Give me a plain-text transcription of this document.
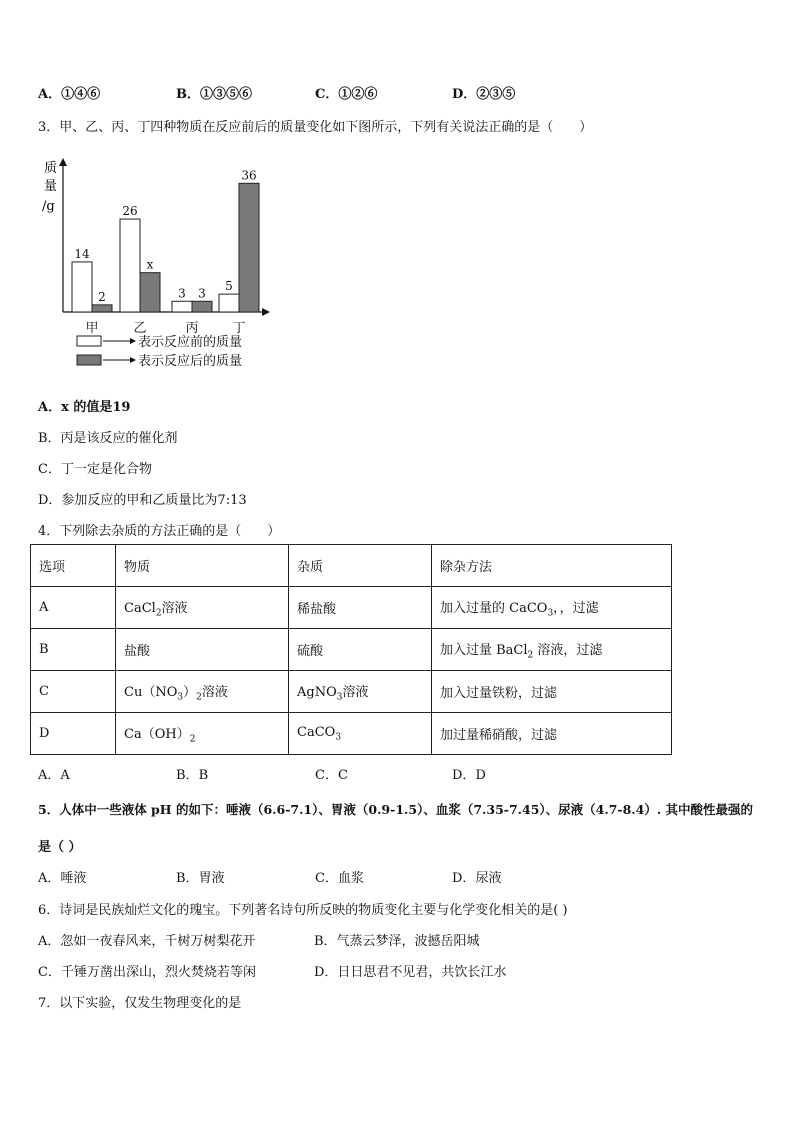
A．①④⑥	B．①③⑤⑥	C．①②⑥	D．②③⑤
3．甲、乙、丙、丁四种物质在反应前后的质量变化如下图所示，下列有关说法正确的是（　　）
质
量
/g
14
2
26
x
3 3
5
36
甲	乙	丙	丁
表示反应前的质量
表示反应后的质量
A．x 的值是19
B．丙是该反应的催化剂
C．丁一定是化合物
D．参加反应的甲和乙质量比为7:13
4．下列除去杂质的方法正确的是（　　）
选项	物质	杂质	除杂方法
A	CaCl$_2$溶液	稀盐酸	加入过量的 CaCO$_3$，，过滤
B	盐酸	硫酸	加入过量 BaCl$_2$ 溶液，过滤
C	$Cu(NO_3)_2$溶液	AgNO$_3$溶液	加入过量铁粉，过滤
D	$Ca(OH)_2$	CaCO$_3$	加过量稀硝酸，过滤
A．A	B．B	C．C	D．D
5．人体中一些液体 pH 的如下：唾液（6.6-7.1）、胃液（0.9-1.5）、血浆（7.35-7.45）、尿液（4.7-8.4）. 其中酸性最强的
是（ ）
A．唾液	B．胃液	C．血浆	D．尿液
6．诗词是民族灿烂文化的瑰宝。下列著名诗句所反映的物质变化主要与化学变化相关的是( )
A．忽如一夜春风来，千树万树梨花开	B．气蒸云梦泽，波撼岳阳城
C．千锤万凿出深山，烈火焚烧若等闲	D．日日思君不见君，共饮长江水
7．以下实验，仅发生物理变化的是
